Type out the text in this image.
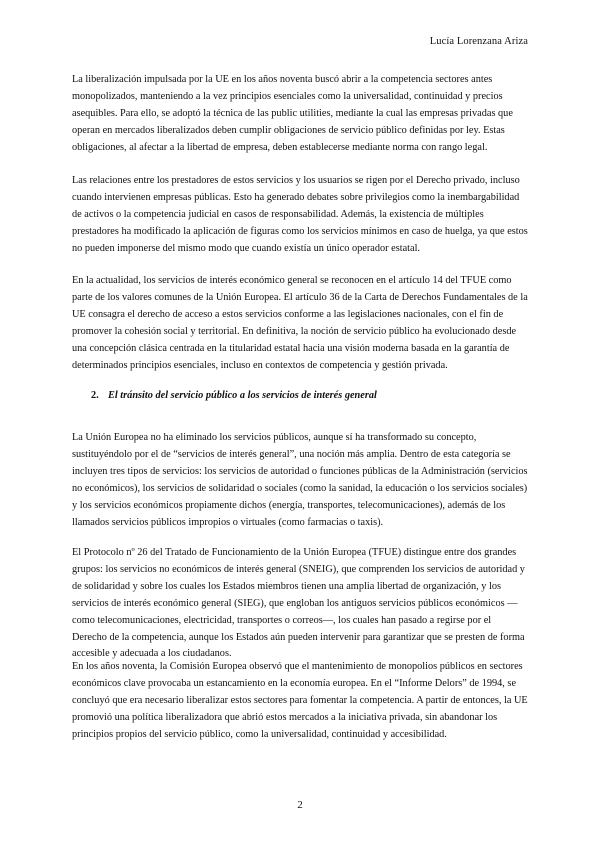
Lucía Lorenzana Ariza

La liberalización impulsada por la UE en los años noventa buscó abrir a la competencia sectores antes monopolizados, manteniendo a la vez principios esenciales como la universalidad, continuidad y precios asequibles. Para ello, se adoptó la técnica de las public utilities, mediante la cual las empresas privadas que operan en mercados liberalizados deben cumplir obligaciones de servicio público definidas por ley. Estas obligaciones, al afectar a la libertad de empresa, deben establecerse mediante norma con rango legal.

Las relaciones entre los prestadores de estos servicios y los usuarios se rigen por el Derecho privado, incluso cuando intervienen empresas públicas. Esto ha generado debates sobre privilegios como la inembargabilidad de activos o la competencia judicial en casos de responsabilidad. Además, la existencia de múltiples prestadores ha modificado la aplicación de figuras como los servicios mínimos en caso de huelga, ya que estos no pueden imponerse del mismo modo que cuando existía un único operador estatal.

En la actualidad, los servicios de interés económico general se reconocen en el artículo 14 del TFUE como parte de los valores comunes de la Unión Europea. El artículo 36 de la Carta de Derechos Fundamentales de la UE consagra el derecho de acceso a estos servicios conforme a las legislaciones nacionales, con el fin de promover la cohesión social y territorial. En definitiva, la noción de servicio público ha evolucionado desde una concepción clásica centrada en la titularidad estatal hacia una visión moderna basada en la garantía de determinados principios esenciales, incluso en contextos de competencia y gestión privada.

2. El tránsito del servicio público a los servicios de interés general

La Unión Europea no ha eliminado los servicios públicos, aunque sí ha transformado su concepto, sustituyéndolo por el de “servicios de interés general”, una noción más amplia. Dentro de esta categoría se incluyen tres tipos de servicios: los servicios de autoridad o funciones públicas de la Administración (servicios no económicos), los servicios de solidaridad o sociales (como la sanidad, la educación o los servicios sociales) y los servicios económicos propiamente dichos (energía, transportes, telecomunicaciones), además de los llamados servicios públicos impropios o virtuales (como farmacias o taxis).

El Protocolo nº 26 del Tratado de Funcionamiento de la Unión Europea (TFUE) distingue entre dos grandes grupos: los servicios no económicos de interés general (SNEIG), que comprenden los servicios de autoridad y de solidaridad y sobre los cuales los Estados miembros tienen una amplia libertad de organización, y los servicios de interés económico general (SIEG), que engloban los antiguos servicios públicos económicos —como telecomunicaciones, electricidad, transportes o correos—, los cuales han pasado a regirse por el Derecho de la competencia, aunque los Estados aún pueden intervenir para garantizar que se presten de forma accesible y adecuada a los ciudadanos.

En los años noventa, la Comisión Europea observó que el mantenimiento de monopolios públicos en sectores económicos clave provocaba un estancamiento en la economía europea. En el “Informe Delors” de 1994, se concluyó que era necesario liberalizar estos sectores para fomentar la competencia. A partir de entonces, la UE promovió una política liberalizadora que abrió estos mercados a la iniciativa privada, sin abandonar los principios propios del servicio público, como la universalidad, continuidad y accesibilidad.

2
